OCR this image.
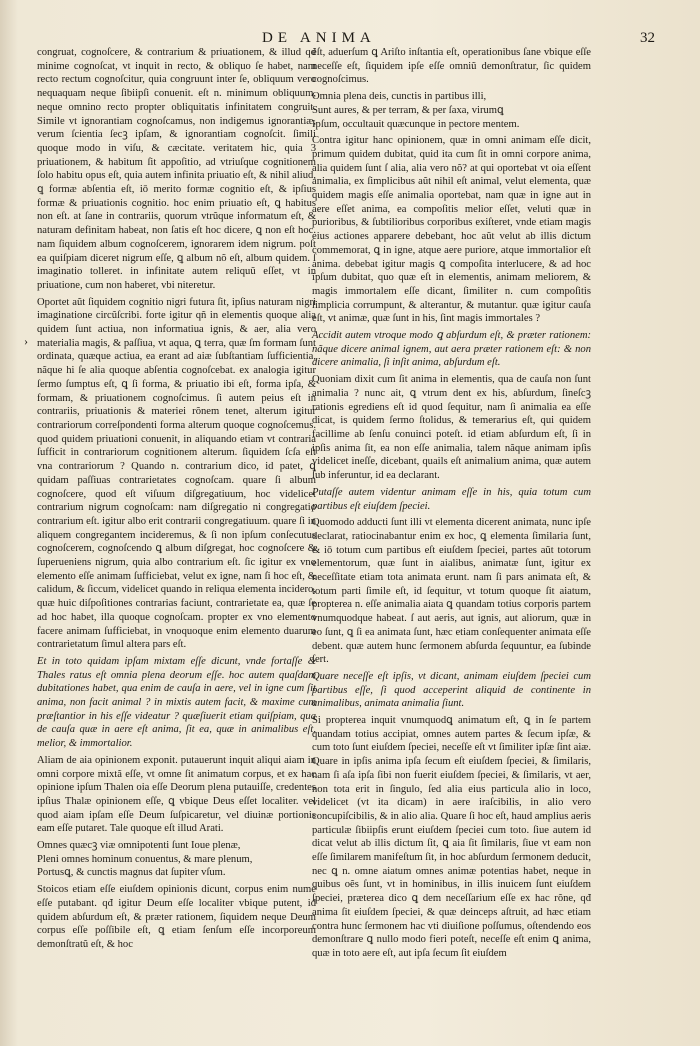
DE ANIMA	32
›

congruat, cognoſcere, & contrarium & priuationem, & illud qđ minime cognoſcat, vt inquit in recto, & obliquo ſe habet, nam recto rectum cognoſcitur, quia congruunt inter ſe, obliquum vero nequaquam neque ſibiipſi conuenit. eſt n. minimum obliquum, neque omnino recto propter obliquitatis infinitatem congruit. Simile vt ignorantiam cognoſcamus, non indigemus ignorantiæ, verum ſcientia ſecꝫ ipſam, & ignorantiam cognoſcit. ſimili quoque modo in viſu, & cæcitate. veritatem hic, quia 3 priuationem, & habitum ſit appoſitio, ad vtriuſque cognitionem ſolo habitu opus eſt, quia autem infinita priuatio eſt, & nihil aliud, ꝗ formæ abſentia eſt, iō merito formæ cognitio eſt, & ipſius formæ & priuationis cognitio. hoc enim priuatio eſt, ꝗ habitus non eſt. at ſane in contrariis, quorum vtrũque informatum eſt, & naturam definitam habeat, non ſatis eſt hoc dicere, ꝗ non eſt hoc. nam ſiquidem album cognoſcerem, ignorarem idem nigrum. poſt ea quiſpiam diceret nigrum eſſe, ꝗ album nõ eſt, album quidem. ſ imaginatio tolleret. in infinitate autem reliquũ eſſet, vt in priuatione, cum non haberet, vbi niteretur.

Oportet aũt ſiquidem cognitio nigri futura ſit, ipſius naturam nigri imaginatione circũſcribi. forte igitur qñ in elementis quoque alia quidem ſunt actiua, non informatiua ignis, & aer, alia vero materialia magis, & paſſiua, vt aqua, ꝗ terra, quæ ſm formam ſunt ordinata, quæque actiua, ea erant ad aiæ ſubſtantiam ſufficientia, nãque hi ſe alia quoque abſentia cognoſcebat. ex analogia igitur ſermo ſumptus eſt, ꝗ ſi forma, & priuatio ibi eſt, forma ipſa, & formam, & priuationem cognoſcimus. ſi autem peius eſt in contrariis, priuationis & materiei rõnem tenet, alterum igitur contrariorum correſpondenti forma alterum quoque cognoſcemus. quod quidem priuationi conuenit, in aliquando etiam vt contraria ſufficit in contrariorum cognitionem alterum. ſiquidem ſcſa eſt vna contrariorum ? Quando n. contrarium dico, id patet, ꝗ quidam paſſiuas contrarietates cognoſcam. quare ſi album cognoſcere, quod eſt viſuum diſgregatiuum, hoc videlicet contrarium nigrum cognoſcam: nam diſgregatio ni congregatio contrarium eſt. igitur albo erit contrarii congregatiuum. quare ſi in aliquem congregantem incideremus, & ſi non ipſum conſecutus cognoſcerem, cognoſcendo ꝗ album diſgregat, hoc cognoſcere & ſuperueniens nigrum, quia albo contrarium eſt. ſic igitur ex vno elemento eſſe animam ſufficiebat, velut ex igne, nam ſi hoc eſt, & calidum, & ſiccum, videlicet quando in reliqua elementa incidero, quæ huic diſpoſitiones contrarias faciunt, contrarietate ea, quæ ſe ad hoc habet, illa quoque cognoſcam. propter ex vno elemento facere animam ſufficiebat, in vnoquoque enim elemento duarum contrarietatum ſimul altera pars eſt.

Et in toto quidam ipſam mixtam eſſe dicunt, vnde fortaſſe & Thales ratus eſt omnia plena deorum eſſe. hoc autem quaſdam dubitationes habet, qua enim de cauſa in aere, vel in igne cum ſit anima, non facit animal ? in mixtis autem facit, & maxime cum præſtantior in his eſſe videatur ? quæſiuerit etiam quiſpiam, qua de cauſa quæ in aere eſt anima, ſit ea, quæ in animalibus eſt, melior, & immortalior.

Aliam de aia opinionem exponit. putauerunt inquit aliqui aiam in omni corpore mixtã eſſe, vt omne ſit animatum corpus, et ex hac opinione ipſum Thalen oia eſſe Deorum plena putauiſſe, credentes ipſius Thalæ opinionem eſſe, ꝗ vbique Deus eſſet localiter. vel quod aiam ipſam eſſe Deum ſuſpicaretur, vel diuinæ portionis eam eſſe putaret. Tale quoque eſt illud Arati.

Omnes quæcꝫ viæ omnipotenti ſunt Ioue plenæ,
Pleni omnes hominum conuentus, & mare plenum,
Portusꝗ, & cunctis magnus dat ſupiter vſum.

Stoicos etiam eſſe eiuſdem opinionis dicunt, corpus enim nume eſſe putabant. qđ igitur Deum eſſe localiter vbique putent, id quidem abſurdum eſt, & præter rationem, ſiquidem neque Deum corpus eſſe poſſibile eſt, ꝗ etiam ſenſum eſſe incorporeum demonſtratũ eſt, & hoc

eſt, aduerſum ꝗ Ariſto inſtantia eſt, operationibus ſane vbique eſſe neceſſe eſt, ſiquidem ipſe eſſe omniũ demonſtratur, ſic quidem cognoſcimus.

Omnia plena deis, cunctis in partibus illi,
Sunt aures, & per terram, & per ſaxa, virumꝗ
Ipſum, occultauit quæcunque in pectore mentem.

Contra igitur hanc opinionem, quæ in omni animam eſſe dicit, primum quidem dubitat, quid ita cum ſit in omni corpore anima, alia quidem ſunt ſ alia, alia vero nõ? at qui oportebat vt oia eſſent animalia, ex ſimplicibus aũt nihil eſt animal, velut elementa, quæ quidem magis eſſe animalia oportebat, nam quæ in igne aut in aere eſſet anima, ea compoſitis melior eſſet, veluti quæ in purioribus, & ſubtilioribus corporibus exiſteret, vnde etiam magis eius actiones apparere debebant, hoc aũt velut ab illis dictum commemorat, ꝗ in igne, atque aere puriore, atque immortalior eſt anima. debebat igitur magis ꝗ compoſita interlucere, & ad hoc ipſum dubitat, quo quæ eſt in elementis, animam meliorem, & magis immortalem eſſe dicant, ſimiliter n. cum compoſitis ſimplicia corrumpunt, & alterantur, & mutantur. quæ igitur cauſa eſt, vt animæ, quæ ſunt in his, ſint magis immortales ?

Accidit autem vtroque modo ꝗ abſurdum eſt, & præter rationem: nãque dicere animal ignem, aut aera præter rationem eſt: & non dicere animalia, ſi inſit anima, abſurdum eſt.

Quoniam dixit cum ſit anima in elementis, qua de cauſa non ſunt animalia ? nunc ait, ꝗ vtrum dent ex his, abſurdum, ſineſcꝫ rationis egrediens eſt id quod ſequitur, nam ſi animalia ea eſſe dicat, is quidem ſermo ſtolidus, & temerarius eſt, qui quidem facillime ab ſenſu conuinci poteſt. id etiam abſurdum eſt, ſi in ipſis anima ſit, ea non eſſe animalia, talem nãque animam ipſis videlicet ineſſe, dicebant, quails eſt animalium anima, quæ autem ſub inferuntur, id ea declarant.

Putaſſe autem videntur animam eſſe in his, quia totum cum partibus eſt eiuſdem ſpeciei.

Quomodo adducti ſunt illi vt elementa dicerent animata, nunc ipſe declarat, ratiocinabantur enim ex hoc, ꝗ elementa ſimilaria ſunt, & iō totum cum partibus eſt eiuſdem ſpeciei, partes aũt totorum elementorum, quæ ſunt in aialibus, animatæ ſunt, igitur ex neceſſitate etiam tota animata erunt. nam ſi pars animata eſt, & totum parti ſimile eſt, id ſequitur, vt totum quoque ſit aiatum, propterea n. eſſe animalia aiata ꝗ quandam totius corporis partem vnumquodque habeat. ſ aut aeris, aut ignis, aut aliorum, quæ in eo ſunt, ꝗ ſi ea animata ſunt, hæc etiam conſequenter animata eſſe debent. quæ autem hunc ſermonem abſurda ſequuntur, ea ſubinde ſert.

Quare neceſſe eſt ipſis, vt dicant, animam eiuſdem ſpeciei cum partibus eſſe, ſi quod acceperint aliquid de continente in animalibus, animata animalia ſiunt.

Si propterea inquit vnumquodꝗ animatum eſt, ꝗ in ſe partem quandam totius accipiat, omnes autem partes & ſecum ipſæ, & cum toto ſunt eiuſdem ſpeciei, neceſſe eſt vt ſimiliter ipſæ ſint aiæ. Quare in ipſis anima ipſa ſecum eſt eiuſdem ſpeciei, & ſimilaris, nam ſi aſa ipſa ſibi non fuerit eiuſdem ſpeciei, & ſimilaris, vt aer, non tota erit in ſingulo, ſed alia eius particula alio in loco, videlicet (vt ita dicam) in aere iraſcibilis, in alio vero concupiſcibilis, & in alio alia. Quare ſi hoc eſt, haud amplius aeris particulæ ſibiipſis erunt eiuſdem ſpeciei cum toto. ſiue autem id dicat velut ab illis dictum ſit, ꝗ aia ſit ſimilaris, ſiue vt eam non eſſe ſimilarem manifeſtum ſit, in hoc abſurdum ſermonem deducit, nec ꝗ n. omne aiatum omnes animæ potentias habet, neque in quibus oẽs ſunt, vt in hominibus, in illis inuicem ſunt eiuſdem ſpeciei, præterea dico ꝗ dem neceſſarium eſſe ex hac rõne, qđ anima ſit eiuſdem ſpeciei, & quæ deinceps aſtruit, ad hæc etiam contra hunc ſermonem hac vti diuiſione poſſumus, oſtendendo eos demonſtrare ꝗ nullo modo fieri poteſt, neceſſe eſt enim ꝗ anima, quæ in toto aere eſt, aut ipſa ſecum ſit eiuſdem
